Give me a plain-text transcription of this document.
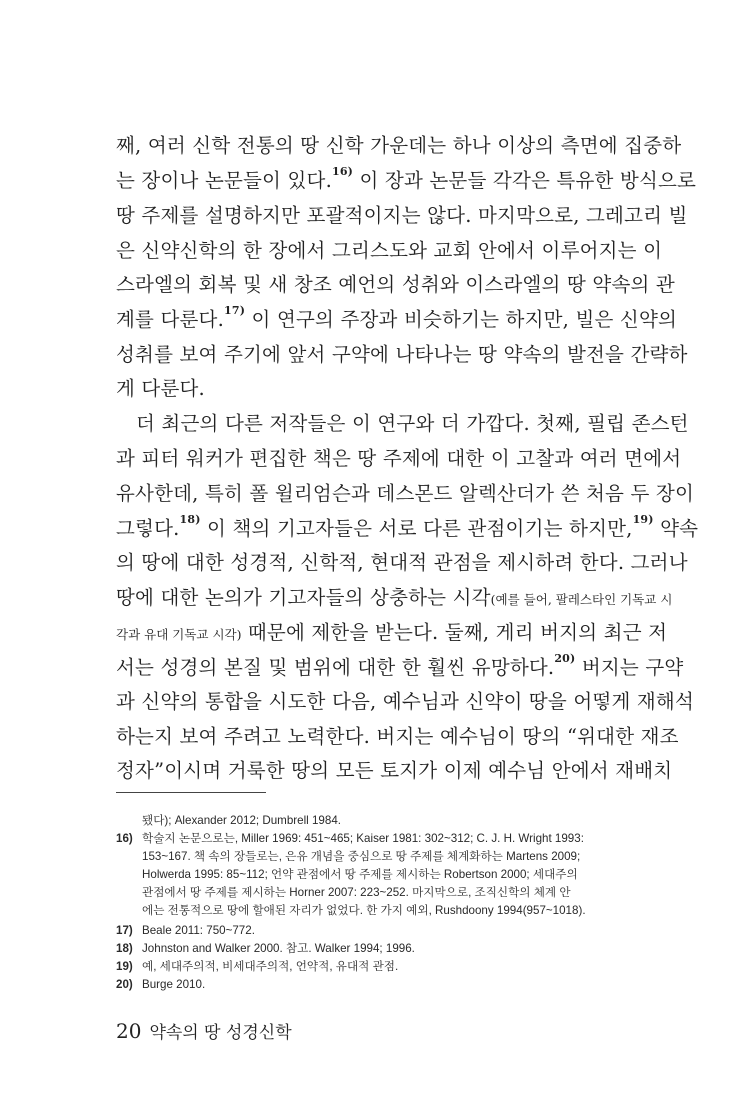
째, 여러 신학 전통의 땅 신학 가운데는 하나 이상의 측면에 집중하
는 장이나 논문들이 있다.$^{16)}$ 이 장과 논문들 각각은 특유한 방식으로
땅 주제를 설명하지만 포괄적이지는 않다. 마지막으로, 그레고리 빌
은 신약신학의 한 장에서 그리스도와 교회 안에서 이루어지는 이
스라엘의 회복 및 새 창조 예언의 성취와 이스라엘의 땅 약속의 관
계를 다룬다.$^{17)}$ 이 연구의 주장과 비슷하기는 하지만, 빌은 신약의
성취를 보여 주기에 앞서 구약에 나타나는 땅 약속의 발전을 간략하
게 다룬다.
더 최근의 다른 저작들은 이 연구와 더 가깝다. 첫째, 필립 존스턴
과 피터 워커가 편집한 책은 땅 주제에 대한 이 고찰과 여러 면에서
유사한데, 특히 폴 윌리엄슨과 데스몬드 알렉산더가 쓴 처음 두 장이
그렇다.$^{18)}$ 이 책의 기고자들은 서로 다른 관점이기는 하지만,$^{19)}$ 약속
의 땅에 대한 성경적, 신학적, 현대적 관점을 제시하려 한다. 그러나
땅에 대한 논의가 기고자들의 상충하는 시각(예를 들어, 팔레스타인 기독교 시
각과 유대 기독교 시각) 때문에 제한을 받는다. 둘째, 게리 버지의 최근 저
서는 성경의 본질 및 범위에 대한 한 훨씬 유망하다.$^{20)}$ 버지는 구약
과 신약의 통합을 시도한 다음, 예수님과 신약이 땅을 어떻게 재해석
하는지 보여 주려고 노력한다. 버지는 예수님이 땅의 “위대한 재조
정자”이시며 거룩한 땅의 모든 토지가 이제 예수님 안에서 재배치
됐다); Alexander 2012; Dumbrell 1984.
16) 학술지 논문으로는, Miller 1969: 451~465; Kaiser 1981: 302~312; C. J. H. Wright 1993:
153~167. 책 속의 장들로는, 은유 개념을 중심으로 땅 주제를 체계화하는 Martens 2009;
Holwerda 1995: 85~112; 언약 관점에서 땅 주제를 제시하는 Robertson 2000; 세대주의
관점에서 땅 주제를 제시하는 Horner 2007: 223~252. 마지막으로, 조직신학의 체계 안
에는 전통적으로 땅에 할애된 자리가 없었다. 한 가지 예외, Rushdoony 1994(957~1018).
17) Beale 2011: 750~772.
18) Johnston and Walker 2000. 참고. Walker 1994; 1996.
19) 예, 세대주의적, 비세대주의적, 언약적, 유대적 관점.
20) Burge 2010.
20 약속의 땅 성경신학
